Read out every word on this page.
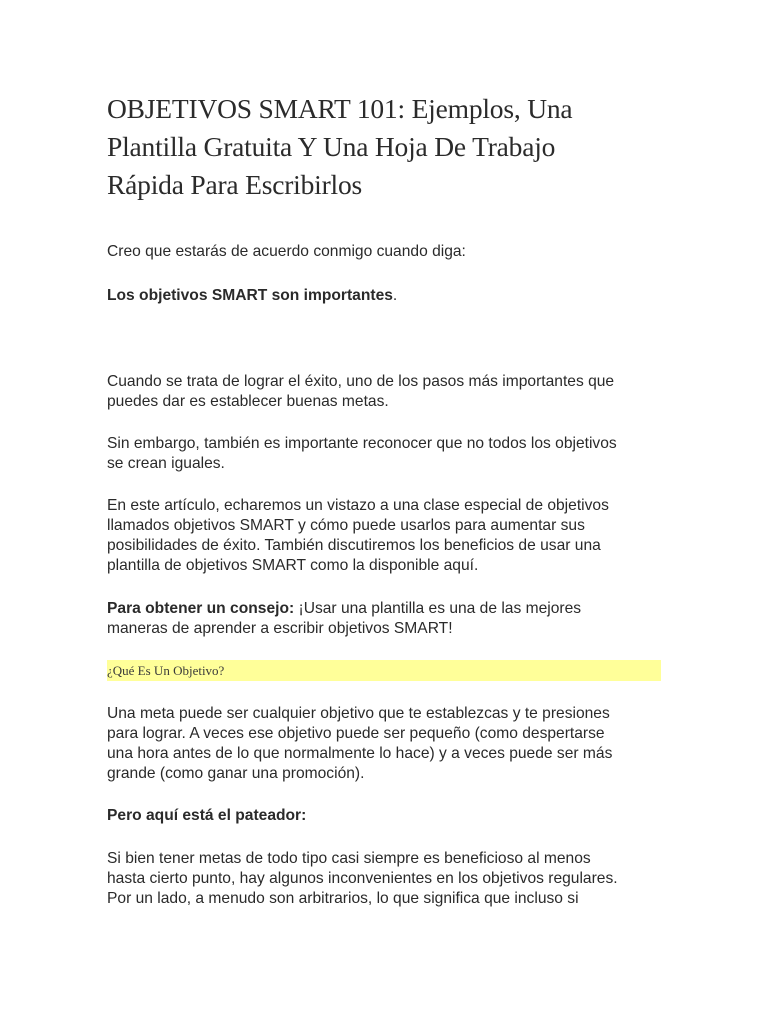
OBJETIVOS SMART 101: Ejemplos, Una
Plantilla Gratuita Y Una Hoja De Trabajo
Rápida Para Escribirlos

Creo que estarás de acuerdo conmigo cuando diga:

Los objetivos SMART son importantes.

Cuando se trata de lograr el éxito, uno de los pasos más importantes que
puedes dar es establecer buenas metas.
Sin embargo, también es importante reconocer que no todos los objetivos
se crean iguales.
En este artículo, echaremos un vistazo a una clase especial de objetivos
llamados objetivos SMART y cómo puede usarlos para aumentar sus
posibilidades de éxito. También discutiremos los beneficios de usar una
plantilla de objetivos SMART como la disponible aquí.
Para obtener un consejo: ¡Usar una plantilla es una de las mejores
maneras de aprender a escribir objetivos SMART!
¿Qué Es Un Objetivo?
Una meta puede ser cualquier objetivo que te establezcas y te presiones
para lograr. A veces ese objetivo puede ser pequeño (como despertarse
una hora antes de lo que normalmente lo hace) y a veces puede ser más
grande (como ganar una promoción).

Pero aquí está el pateador:

Si bien tener metas de todo tipo casi siempre es beneficioso al menos
hasta cierto punto, hay algunos inconvenientes en los objetivos regulares.
Por un lado, a menudo son arbitrarios, lo que significa que incluso si
